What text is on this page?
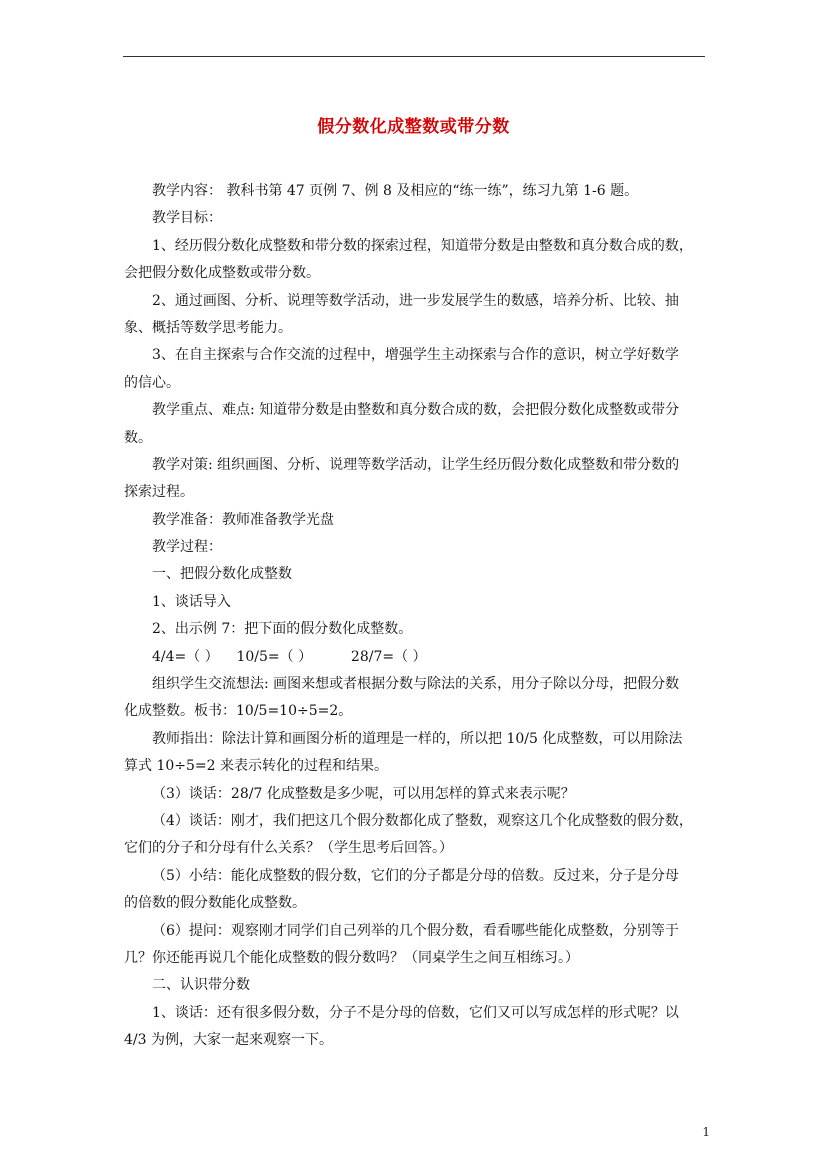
假分数化成整数或带分数
教学内容： 教科书第 47 页例 7、例 8 及相应的“练一练”，练习九第 1-6 题。
教学目标：
1、经历假分数化成整数和带分数的探索过程，知道带分数是由整数和真分数合成的数，
会把假分数化成整数或带分数。
2、通过画图、分析、说理等数学活动，进一步发展学生的数感，培养分析、比较、抽
象、概括等数学思考能力。
3、在自主探索与合作交流的过程中，增强学生主动探索与合作的意识，树立学好数学
的信心。
教学重点、难点: 知道带分数是由整数和真分数合成的数，会把假分数化成整数或带分
数。
教学对策: 组织画图、分析、说理等数学活动，让学生经历假分数化成整数和带分数的
探索过程。
教学准备：教师准备教学光盘
教学过程：
一、把假分数化成整数
1、谈话导入
2、出示例 7：把下面的假分数化成整数。
4/4=（ ） 10/5=（ ）	28/7=（ ）
组织学生交流想法: 画图来想或者根据分数与除法的关系，用分子除以分母，把假分数
化成整数。板书：10/5=10÷5=2。
教师指出：除法计算和画图分析的道理是一样的，所以把 10/5 化成整数，可以用除法
算式 10÷5=2 来表示转化的过程和结果。
（3）谈话：28/7 化成整数是多少呢，可以用怎样的算式来表示呢？
（4）谈话：刚才，我们把这几个假分数都化成了整数，观察这几个化成整数的假分数，
它们的分子和分母有什么关系？（学生思考后回答。）
（5）小结：能化成整数的假分数，它们的分子都是分母的倍数。反过来，分子是分母
的倍数的假分数能化成整数。
（6）提问：观察刚才同学们自己列举的几个假分数，看看哪些能化成整数，分别等于
几？你还能再说几个能化成整数的假分数吗？（同桌学生之间互相练习。）
二、认识带分数
1、谈话：还有很多假分数，分子不是分母的倍数，它们又可以写成怎样的形式呢？以
4/3 为例，大家一起来观察一下。
1
